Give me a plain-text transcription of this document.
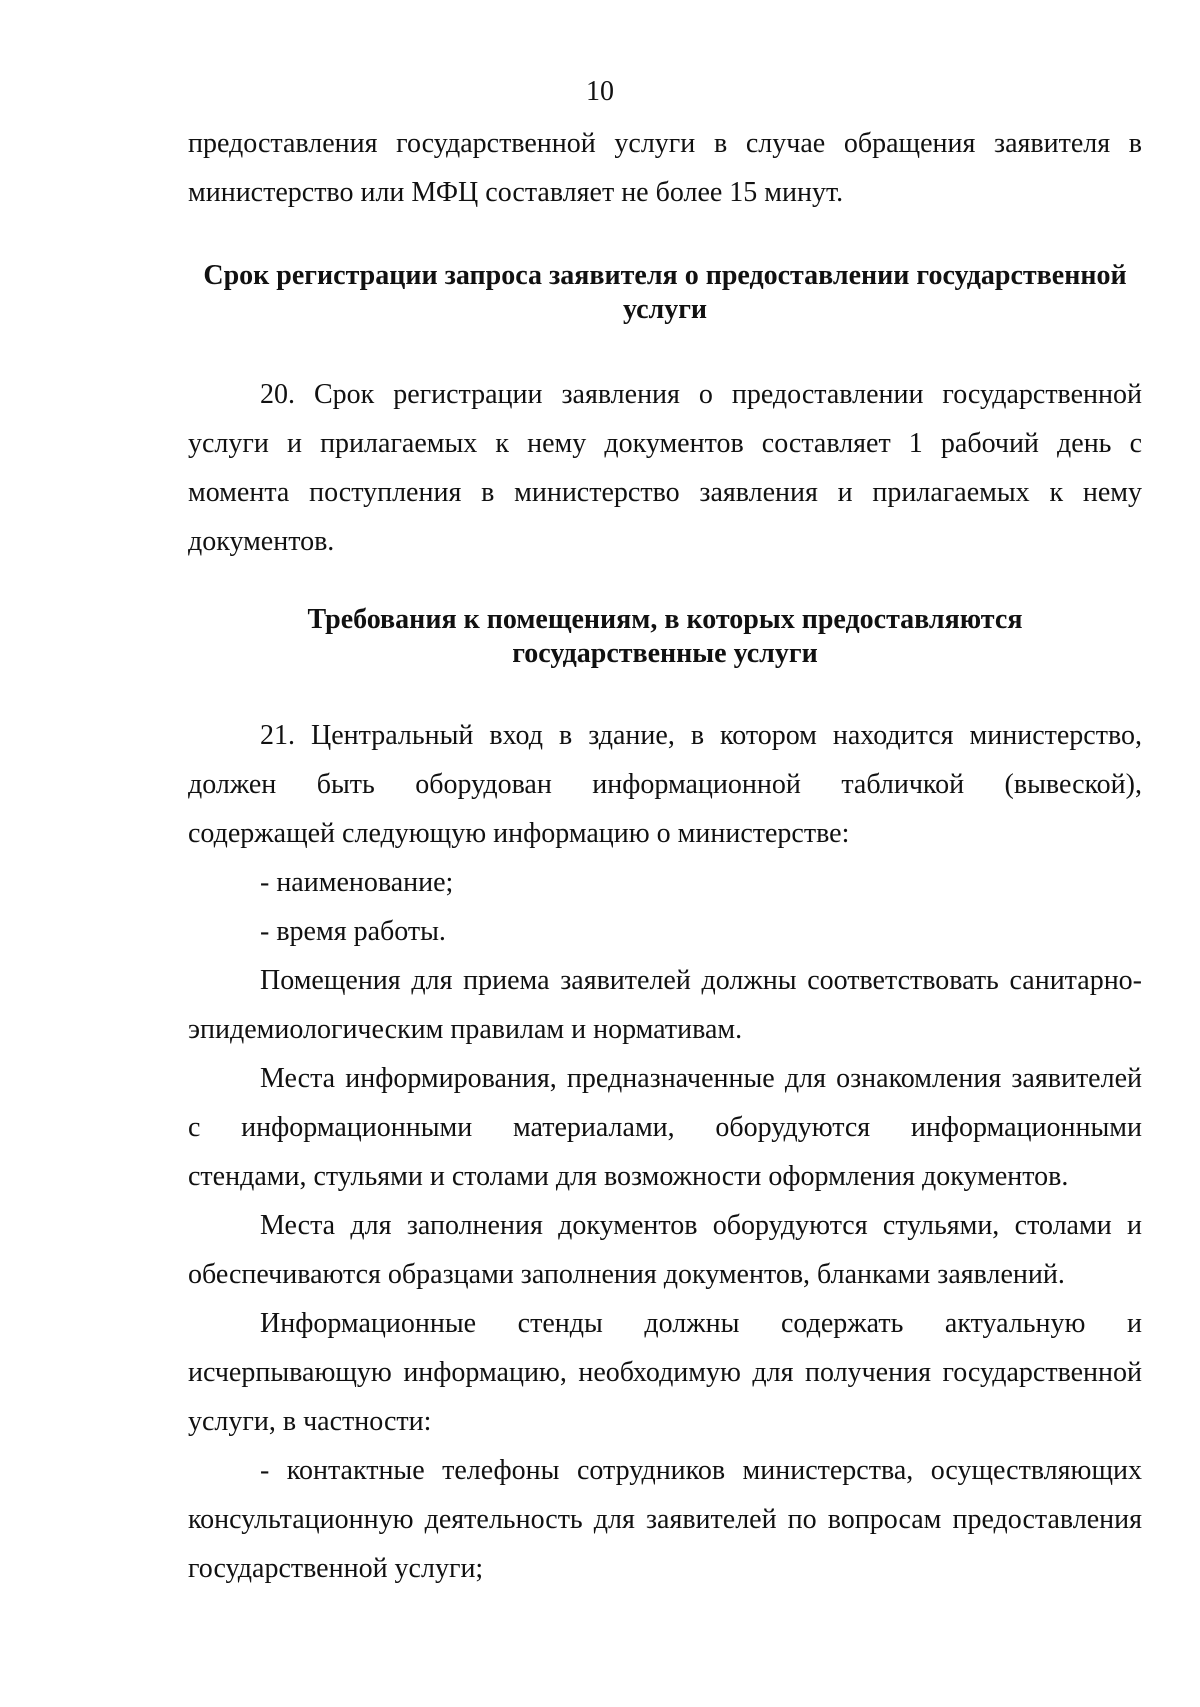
10

предоставления государственной услуги в случае обращения заявителя в

министерство или МФЦ составляет не более 15 минут.

Срок регистрации запроса заявителя о предоставлении государственной

услуги

20. Срок регистрации заявления о предоставлении государственной

услуги и прилагаемых к нему документов составляет 1 рабочий день с

момента поступления в министерство заявления и прилагаемых к нему

документов.

Требования к помещениям, в которых предоставляются

государственные услуги

21. Центральный вход в здание, в котором находится министерство,

должен быть оборудован информационной табличкой (вывеской),

содержащей следующую информацию о министерстве:

- наименование;

- время работы.

Помещения для приема заявителей должны соответствовать санитарно-

эпидемиологическим правилам и нормативам.

Места информирования, предназначенные для ознакомления заявителей

с информационными материалами, оборудуются информационными

стендами, стульями и столами для возможности оформления документов.

Места для заполнения документов оборудуются стульями, столами и

обеспечиваются образцами заполнения документов, бланками заявлений.

Информационные стенды должны содержать актуальную и

исчерпывающую информацию, необходимую для получения государственной

услуги, в частности:

- контактные телефоны сотрудников министерства, осуществляющих

консультационную деятельность для заявителей по вопросам предоставления

государственной услуги;
